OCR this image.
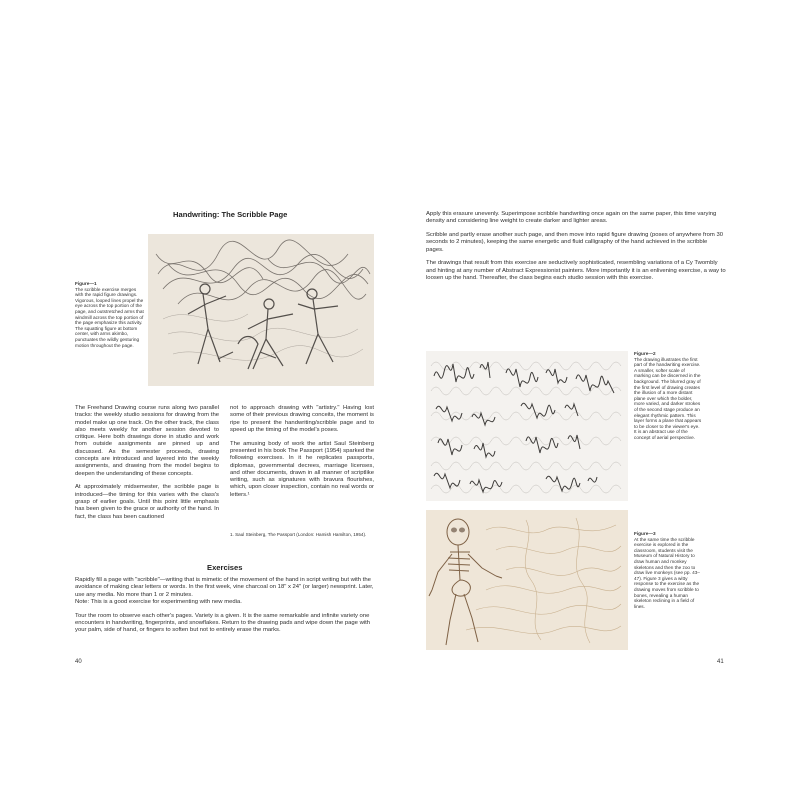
Handwriting: The Scribble Page
Figure—1
The scribble exercise merges with the rapid figure drawings. Vigorous, looped lines propel the eye across the top portion of the page, and outstretched arms that windmill across the top portion of the page emphasize this activity. The squatting figure at bottom center, with arms akimbo, punctuates the wildly gesturing motion throughout the page.

The Freehand Drawing course runs along two parallel tracks: the weekly studio sessions for drawing from the model make up one track. On the other track, the class also meets weekly for another session devoted to critique. Here both drawings done in studio and work from outside assignments are pinned up and discussed. As the semester proceeds, drawing concepts are introduced and layered into the weekly assignments, and drawing from the model begins to deepen the understanding of these concepts.

At approximately midsemester, the scribble page is introduced—the timing for this varies with the class's grasp of earlier goals. Until this point little emphasis has been given to the grace or authority of the hand. In fact, the class has been cautioned

not to approach drawing with "artistry." Having lost some of their previous drawing conceits, the moment is ripe to present the handwriting/scribble page and to speed up the timing of the model's poses.

The amusing body of work the artist Saul Steinberg presented in his book The Passport (1954) sparked the following exercises. In it he replicates passports, diplomas, governmental decrees, marriage licenses, and other documents, drawn in all manner of scriptlike writing, such as signatures with bravura flourishes, which, upon closer inspection, contain no real words or letters.¹

1. Saul Steinberg, The Passport (London: Hamish Hamilton, 1954).
Exercises

Rapidly fill a page with "scribble"—writing that is mimetic of the movement of the hand in script writing but with the avoidance of making clear letters or words. In the first week, vine charcoal on 18" x 24" (or larger) newsprint. Later, use any media. No more than 1 or 2 minutes.

Note: This is a good exercise for experimenting with new media.

Tour the room to observe each other's pages. Variety is a given. It is the same remarkable and infinite variety one encounters in handwriting, fingerprints, and snowflakes. Return to the drawing pads and wipe down the page with your palm, side of hand, or fingers to soften but not to entirely erase the marks.

40

Apply this erasure unevenly. Superimpose scribble handwriting once again on the same paper, this time varying density and considering line weight to create darker and lighter areas.

Scribble and partly erase another such page, and then move into rapid figure drawing (poses of anywhere from 30 seconds to 2 minutes), keeping the same energetic and fluid calligraphy of the hand achieved in the scribble pages.

The drawings that result from this exercise are seductively sophisticated, resembling variations of a Cy Twombly and hinting at any number of Abstract Expressionist painters. More importantly it is an enlivening exercise, a way to loosen up the hand. Thereafter, the class begins each studio session with this exercise.

Figure—2
The drawing illustrates the first part of the handwriting exercise. A smaller, softer scale of marking can be discerned in the background. The blurred gray of the first level of drawing creates the illusion of a more distant plane over which the bolder, more varied, and darker strokes of the second stage produce an elegant rhythmic pattern. This layer forms a plane that appears to be closer to the viewer's eye. It is an abstract use of the concept of aerial perspective.
Figure—3
At the same time the scribble exercise is explored in the classroom, students visit the Museum of Natural History to draw human and monkey skeletons and then the zoo to draw live monkeys (see pp. 43–47). Figure 3 gives a witty response to the exercise as the drawing moves from scribble to bones, revealing a human skeleton reclining in a field of lines.
41
